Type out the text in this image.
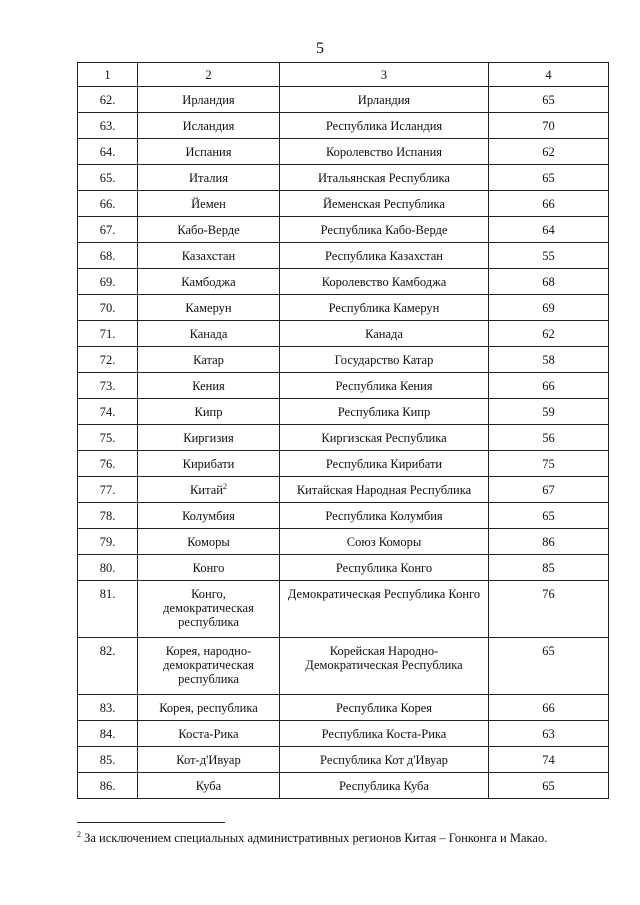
5
1	2	3	4
62.	Ирландия	Ирландия	65
63.	Исландия	Республика Исландия	70
64.	Испания	Королевство Испания	62
65.	Италия	Итальянская Республика	65
66.	Йемен	Йеменская Республика	66
67.	Кабо-Верде	Республика Кабо-Верде	64
68.	Казахстан	Республика Казахстан	55
69.	Камбоджа	Королевство Камбоджа	68
70.	Камерун	Республика Камерун	69
71.	Канада	Канада	62
72.	Катар	Государство Катар	58
73.	Кения	Республика Кения	66
74.	Кипр	Республика Кипр	59
75.	Киргизия	Киргизская Республика	56
76.	Кирибати	Республика Кирибати	75
77.	Китай$^2$	Китайская Народная Республика	67
78.	Колумбия	Республика Колумбия	65
79.	Коморы	Союз Коморы	86
80.	Конго	Республика Конго	85
81.	Конго,
демократическая
республика	Демократическая Республика Конго	76
82.	Корея, народно-
демократическая
республика	Корейская Народно-
Демократическая Республика	65
83.	Корея, республика	Республика Корея	66
84.	Коста-Рика	Республика Коста-Рика	63
85.	Кот-д'Ивуар	Республика Кот д'Ивуар	74
86.	Куба	Республика Куба	65
$^2$ За исключением специальных административных регионов Китая – Гонконга и Макао.
